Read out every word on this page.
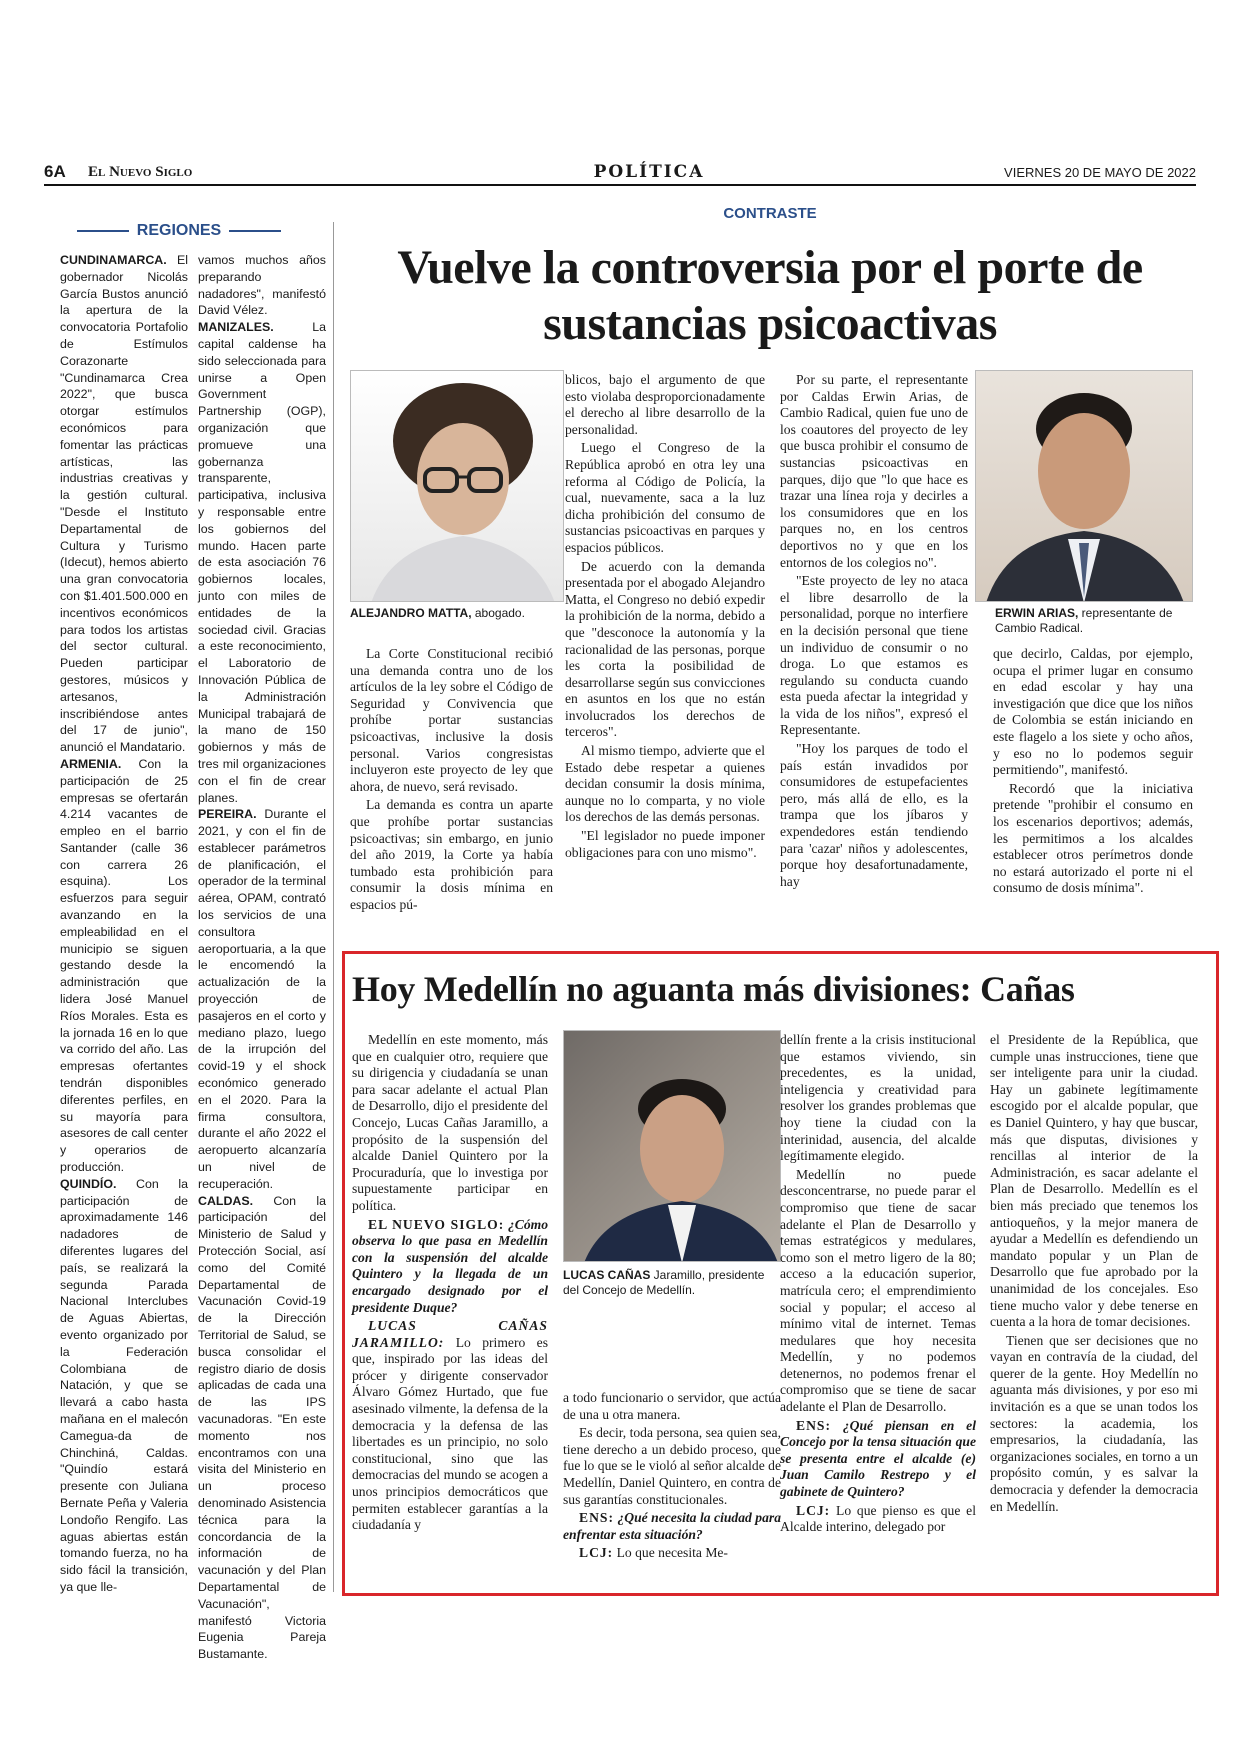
6A El Nuevo Siglo	POLÍTICA	VIERNES 20 DE MAYO DE 2022
REGIONES

CUNDINAMARCA. El gobernador Nicolás García Bustos anunció la apertura de la convocatoria Portafolio de Estímulos Corazonarte "Cundinamarca Crea 2022", que busca otorgar estímulos económicos para fomentar las prácticas artísticas, las industrias creativas y la gestión cultural. "Desde el Instituto Departamental de Cultura y Turismo (Idecut), hemos abierto una gran convocatoria con $1.401.500.000 en incentivos económicos para todos los artistas del sector cultural. Pueden participar gestores, músicos y artesanos, inscribiéndose antes del 17 de junio", anunció el Mandatario.

ARMENIA. Con la participación de 25 empresas se ofertarán 4.214 vacantes de empleo en el barrio Santander (calle 36 con carrera 26 esquina). Los esfuerzos para seguir avanzando en la empleabilidad en el municipio se siguen gestando desde la administración que lidera José Manuel Ríos Morales. Esta es la jornada 16 en lo que va corrido del año. Las empresas ofertantes tendrán disponibles diferentes perfiles, en su mayoría para asesores de call center y operarios de producción.

QUINDÍO. Con la participación de aproximadamente 146 nadadores de diferentes lugares del país, se realizará la segunda Parada Nacional Interclubes de Aguas Abiertas, evento organizado por la Federación Colombiana de Natación, y que se llevará a cabo hasta mañana en el malecón Camegua-da de Chinchiná, Caldas. "Quindío estará presente con Juliana Bernate Peña y Valeria Londoño Rengifo. Las aguas abiertas están tomando fuerza, no ha sido fácil la transición, ya que lle-

vamos muchos años preparando nadadores", manifestó David Vélez.

MANIZALES.	La capital caldense ha sido seleccionada para unirse a Open Government Partnership (OGP), organización que promueve una gobernanza transparente, participativa, inclusiva y responsable entre los gobiernos del mundo. Hacen parte de esta asociación 76 gobiernos locales, junto con miles de entidades de la sociedad civil. Gracias a este reconocimiento, el Laboratorio de Innovación Pública de la Administración Municipal trabajará de la mano de 150 gobiernos y más de tres mil organizaciones con el fin de crear planes.

PEREIRA. Durante el 2021, y con el fin de establecer parámetros de planificación, el operador de la terminal aérea, OPAM, contrató los servicios de una consultora aeroportuaria, a la que le encomendó la actualización de la proyección de pasajeros en el corto y mediano plazo, luego de la irrupción del covid-19 y el shock económico generado en el 2020. Para la firma consultora, durante el año 2022 el aeropuerto alcanzaría un nivel de recuperación.

CALDAS. Con la participación del Ministerio de Salud y Protección Social, así como del Comité Departamental de Vacunación Covid-19 de la Dirección Territorial de Salud, se busca consolidar el registro diario de dosis aplicadas de cada una de las IPS vacunadoras. "En este momento nos encontramos con una visita del Ministerio en un proceso denominado Asistencia técnica para la concordancia de la información de vacunación y del Plan Departamental de Vacunación", manifestó Victoria Eugenia Pareja Bustamante.

CONTRASTE
Vuelve la controversia por el porte de sustancias psicoactivas
ALEJANDRO MATTA, abogado.	ERWIN ARIAS, representante de Cambio Radical.

La Corte Constitucional recibió una demanda contra uno de los artículos de la ley sobre el Código de Seguridad y Convivencia que prohíbe portar sustancias psicoactivas, inclusive la dosis personal. Varios congresistas incluyeron este proyecto de ley que ahora, de nuevo, será revisado.

La demanda es contra un aparte que prohíbe portar sustancias psicoactivas; sin embargo, en junio del año 2019, la Corte ya había tumbado esta prohibición para consumir la dosis mínima en espacios pú-

blicos, bajo el argumento de que esto violaba desproporcionadamente el derecho al libre desarrollo de la personalidad.

Luego el Congreso de la República aprobó en otra ley una reforma al Código de Policía, la cual, nuevamente, saca a la luz dicha prohibición del consumo de sustancias psicoactivas en parques y espacios públicos.

De acuerdo con la demanda presentada por el abogado Alejandro Matta, el Congreso no debió expedir la prohibición de la norma, debido a que "desconoce la autonomía y la racionalidad de las personas, porque les corta la posibilidad de desarrollarse según sus convicciones en asuntos en los que no están involucrados los derechos de terceros".

Al mismo tiempo, advierte que el Estado debe respetar a quienes decidan consumir la dosis mínima, aunque no lo comparta, y no viole los derechos de las demás personas.

"El legislador no puede imponer obligaciones para con uno mismo".

Por su parte, el representante por Caldas Erwin Arias, de Cambio Radical, quien fue uno de los coautores del proyecto de ley que busca prohibir el consumo de sustancias psicoactivas en parques, dijo que "lo que hace es trazar una línea roja y decirles a los consumidores que en los parques no, en los centros deportivos no y que en los entornos de los colegios no".

"Este proyecto de ley no ataca el libre desarrollo de la personalidad, porque no interfiere en la decisión personal que tiene un individuo de consumir o no droga. Lo que estamos es regulando su conducta cuando esta pueda afectar la integridad y la vida de los niños", expresó el Representante.

"Hoy los parques de todo el país están invadidos por consumidores de estupefacientes pero, más allá de ello, es la trampa que los jíbaros y expendedores están tendiendo para 'cazar' niños y adolescentes, porque hoy desafortunadamente, hay

que decirlo, Caldas, por ejemplo, ocupa el primer lugar en consumo en edad escolar y hay una investigación que dice que los niños de Colombia se están iniciando en este flagelo a los siete y ocho años, y eso no lo podemos seguir permitiendo", manifestó.

Recordó que la iniciativa pretende "prohibir el consumo en los escenarios deportivos; además, les permitimos a los alcaldes establecer otros perímetros donde no estará autorizado el porte ni el consumo de dosis mínima".

Hoy Medellín no aguanta más divisiones: Cañas
LUCAS CAÑAS Jaramillo, presidente del Concejo de Medellín.

Medellín en este momento, más que en cualquier otro, requiere que su dirigencia y ciudadanía se unan para sacar adelante el actual Plan de Desarrollo, dijo el presidente del Concejo, Lucas Cañas Jaramillo, a propósito de la suspensión del alcalde Daniel Quintero por la Procuraduría, que lo investiga por supuestamente participar en política.

EL NUEVO SIGLO: ¿Cómo observa lo que pasa en Medellín con la suspensión del alcalde Quintero y la llegada de un encargado designado por el presidente Duque?

LUCAS CAÑAS JARAMILLO: Lo primero es que, inspirado por las ideas del prócer y dirigente conservador Álvaro Gómez Hurtado, que fue asesinado vilmente, la defensa de la democracia y la defensa de las libertades es un principio, no solo constitucional, sino que las democracias del mundo se acogen a unos principios democráticos que permiten establecer garantías a la ciudadanía y

a todo funcionario o servidor, que actúa de una u otra manera.

Es decir, toda persona, sea quien sea, tiene derecho a un debido proceso, que fue lo que se le violó al señor alcalde de Medellín, Daniel Quintero, en contra de sus garantías constitucionales.

ENS: ¿Qué necesita la ciudad para enfrentar esta situación?

LCJ: Lo que necesita Me-

dellín frente a la crisis institucional que estamos viviendo, sin precedentes, es la unidad, inteligencia y creatividad para resolver los grandes problemas que hoy tiene la ciudad con la interinidad, ausencia, del alcalde legítimamente elegido.

Medellín no puede desconcentrarse, no puede parar el compromiso que tiene de sacar adelante el Plan de Desarrollo y temas estratégicos y medulares, como son el metro ligero de la 80; acceso a la educación superior, matrícula cero; el emprendimiento social y popular; el acceso al mínimo vital de internet. Temas medulares que hoy necesita Medellín, y no podemos detenernos, no podemos frenar el compromiso que se tiene de sacar adelante el Plan de Desarrollo.

ENS: ¿Qué piensan en el Concejo por la tensa situación que se presenta entre el alcalde (e) Juan Camilo Restrepo y el gabinete de Quintero?

LCJ: Lo que pienso es que el Alcalde interino, delegado por

el Presidente de la República, que cumple unas instrucciones, tiene que ser inteligente para unir la ciudad. Hay un gabinete legítimamente escogido por el alcalde popular, que es Daniel Quintero, y hay que buscar, más que disputas, divisiones y rencillas al interior de la Administración, es sacar adelante el Plan de Desarrollo. Medellín es el bien más preciado que tenemos los antioqueños, y la mejor manera de ayudar a Medellín es defendiendo un mandato popular y un Plan de Desarrollo que fue aprobado por la unanimidad de los concejales. Eso tiene mucho valor y debe tenerse en cuenta a la hora de tomar decisiones.

Tienen que ser decisiones que no vayan en contravía de la ciudad, del querer de la gente. Hoy Medellín no aguanta más divisiones, y por eso mi invitación es a que se unan todos los sectores: la academia, los empresarios, la ciudadanía, las organizaciones sociales, en torno a un propósito común, y es salvar la democracia y defender la democracia en Medellín.
